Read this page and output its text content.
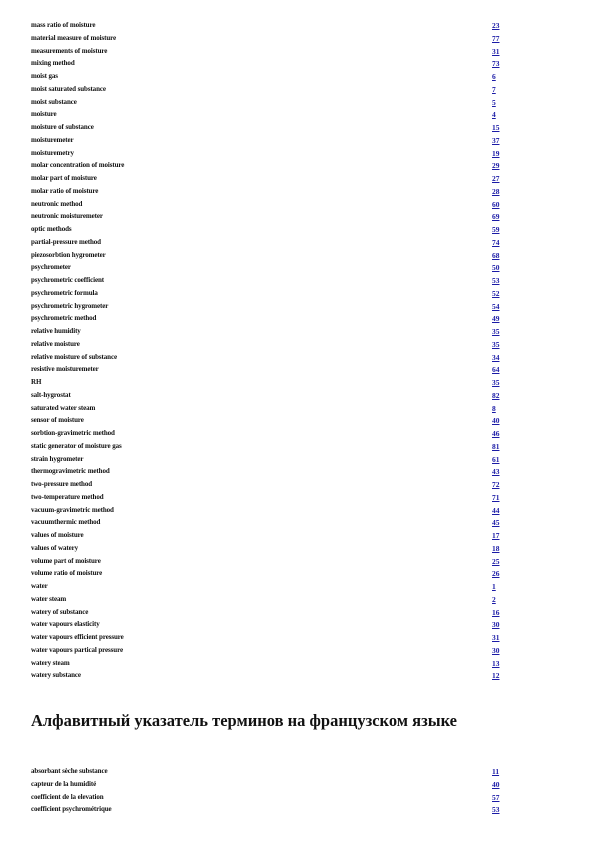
mass ratio of moisture	23
material measure of moisture	77
measurements of moisture	31
mixing method	73
moist gas	6
moist saturated substance	7
moist substance	5
moisture	4
moisture of substance	15
moisturemeter	37
moisturemetry	19
molar concentration of moisture	29
molar part of moisture	27
molar ratio of moisture	28
neutronic method	60
neutronic moisturemeter	69
optic methods	59
partial-pressure method	74
piezosorbtion hygrometer	68
psychrometer	50
psychrometric coefficient	53
psychrometric formula	52
psychrometric hygrometer	54
psychrometric method	49
relative humidity	35
relative moisture	35
relative moisture of substance	34
resistive moisturemeter	64
RH	35
salt-hygrostat	82
saturated water steam	8
sensor of moisture	40
sorbtion-gravimetric method	46
static generator of moisture gas	81
strain hygrometer	61
thermogravimetric method	43
two-pressure method	72
two-temperature method	71
vacuum-gravimetric method	44
vacuumthermic method	45
values of moisture	17
values of watery	18
volume part of moisture	25
volume ratio of moisture	26
water	1
water steam	2
watery of substance	16
water vapours elasticity	30
water vapours efficient pressure	31
water vapours partical pressure	30
watery steam	13
watery substance	12
Алфавитный указатель терминов на французском языке
absorbant sèche substance	11
capteur de la humidité	40
coefficient de la elevation	57
coefficient psychrométrique	53
